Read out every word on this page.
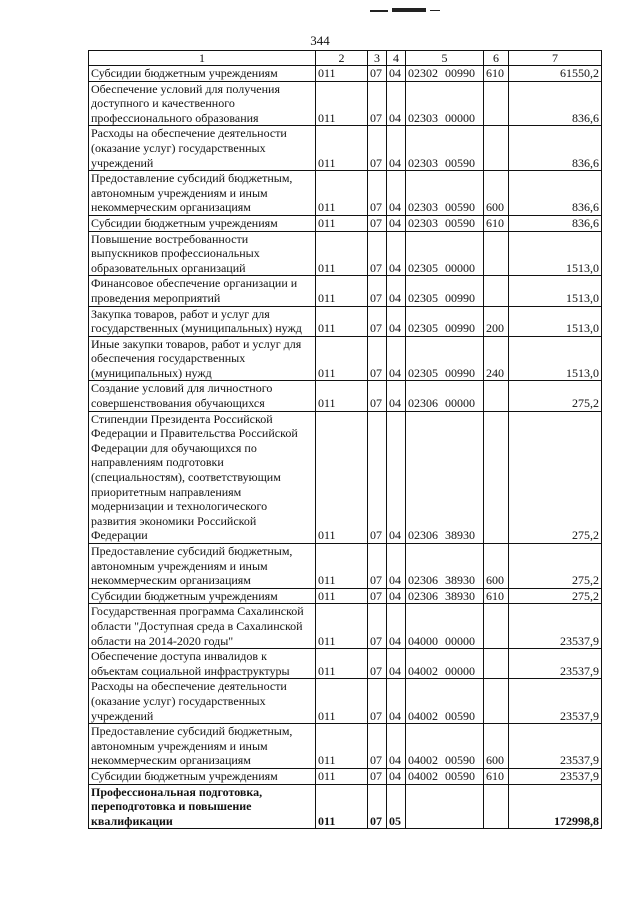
344
1	2	3	4	5	6	7
Субсидии бюджетным учреждениям	011	07	04	02302 00990	610	61550,2
Обеспечение условий для получения доступного и качественного профессионального образования	011	07	04	02303 00000		836,6
Расходы на обеспечение деятельности (оказание услуг) государственных учреждений	011	07	04	02303 00590		836,6
Предоставление субсидий бюджетным, автономным учреждениям и иным некоммерческим организациям	011	07	04	02303 00590	600	836,6
Субсидии бюджетным учреждениям	011	07	04	02303 00590	610	836,6
Повышение востребованности выпускников профессиональных образовательных организаций	011	07	04	02305 00000		1513,0
Финансовое обеспечение организации и проведения мероприятий	011	07	04	02305 00990		1513,0
Закупка товаров, работ и услуг для государственных (муниципальных) нужд	011	07	04	02305 00990	200	1513,0
Иные закупки товаров, работ и услуг для обеспечения государственных (муниципальных) нужд	011	07	04	02305 00990	240	1513,0
Создание условий для личностного совершенствования обучающихся	011	07	04	02306 00000		275,2
Стипендии Президента Российской Федерации и Правительства Российской Федерации для обучающихся по направлениям подготовки (специальностям), соответствующим приоритетным направлениям модернизации и технологического развития экономики Российской Федерации	011	07	04	02306 38930		275,2
Предоставление субсидий бюджетным, автономным учреждениям и иным некоммерческим организациям	011	07	04	02306 38930	600	275,2
Субсидии бюджетным учреждениям	011	07	04	02306 38930	610	275,2
Государственная программа Сахалинской области "Доступная среда в Сахалинской области на 2014-2020 годы"	011	07	04	04000 00000		23537,9
Обеспечение доступа инвалидов к объектам социальной инфраструктуры	011	07	04	04002 00000		23537,9
Расходы на обеспечение деятельности (оказание услуг) государственных учреждений	011	07	04	04002 00590		23537,9
Предоставление субсидий бюджетным, автономным учреждениям и иным некоммерческим организациям	011	07	04	04002 00590	600	23537,9
Субсидии бюджетным учреждениям	011	07	04	04002 00590	610	23537,9
Профессиональная подготовка, переподготовка и повышение квалификации	011	07	05			172998,8
